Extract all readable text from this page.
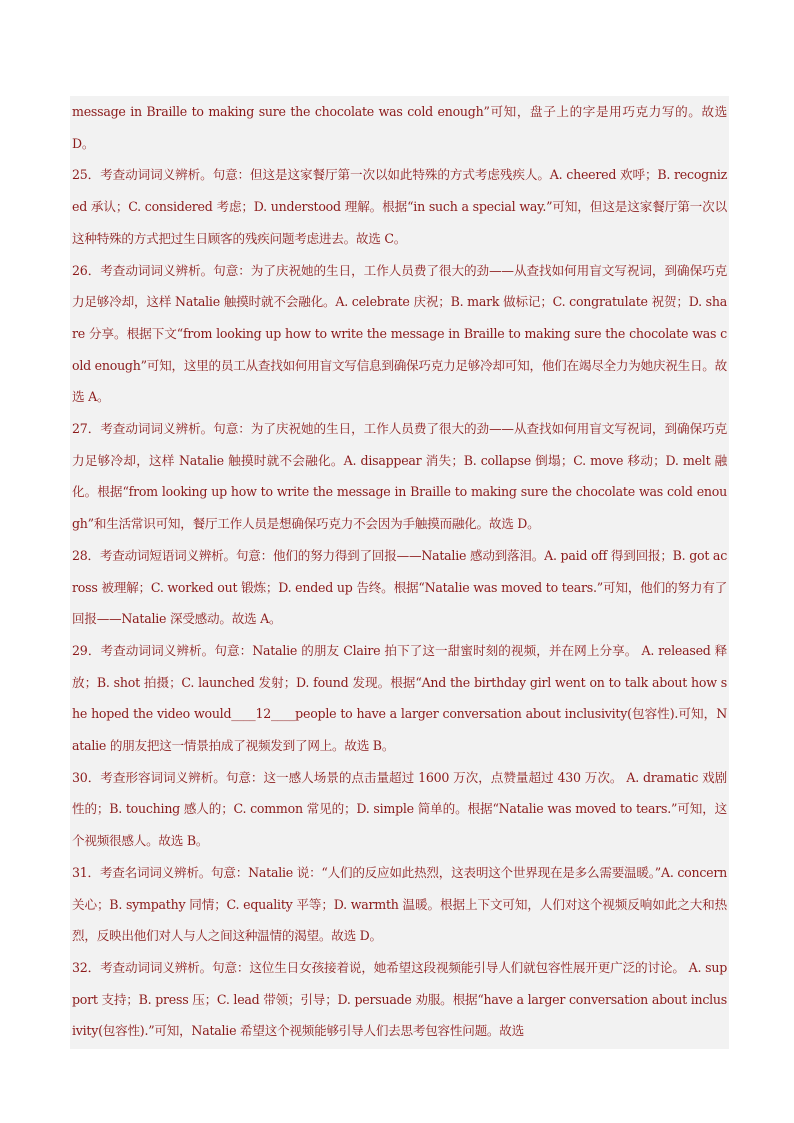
message in Braille to making sure the chocolate was cold enough”可知，盘子上的字是用巧克力写的。故选 D。
25．考查动词词义辨析。句意：但这是这家餐厅第一次以如此特殊的方式考虑残疾人。A. cheered 欢呼；B. recognized 承认；C. considered 考虑；D. understood 理解。根据“in such a special way.”可知，但这是这家餐厅第一次以这种特殊的方式把过生日顾客的残疾问题考虑进去。故选 C。
26．考查动词词义辨析。句意：为了庆祝她的生日，工作人员费了很大的劲——从查找如何用盲文写祝词，到确保巧克力足够冷却，这样 Natalie 触摸时就不会融化。A. celebrate 庆祝；B. mark 做标记；C. congratulate 祝贺；D. share 分享。根据下文“from looking up how to write the message in Braille to making sure the chocolate was cold enough”可知，这里的员工从查找如何用盲文写信息到确保巧克力足够冷却可知，他们在竭尽全力为她庆祝生日。故选 A。
27．考查动词词义辨析。句意：为了庆祝她的生日，工作人员费了很大的劲——从查找如何用盲文写祝词，到确保巧克力足够冷却，这样 Natalie 触摸时就不会融化。A. disappear 消失；B. collapse 倒塌；C. move 移动；D. melt 融化。根据“from looking up how to write the message in Braille to making sure the chocolate was cold enough”和生活常识可知，餐厅工作人员是想确保巧克力不会因为手触摸而融化。故选 D。
28．考查动词短语词义辨析。句意：他们的努力得到了回报——Natalie 感动到落泪。A. paid off 得到回报；B. got across 被理解；C. worked out 锻炼；D. ended up 告终。根据“Natalie was moved to tears.”可知，他们的努力有了回报——Natalie 深受感动。故选 A。
29．考查动词词义辨析。句意：Natalie 的朋友 Claire 拍下了这一甜蜜时刻的视频，并在网上分享。 A. released 释放；B. shot 拍摄；C. launched 发射；D. found 发现。根据“And the birthday girl went on to talk about how she hoped the video would____12____people to have a larger conversation about inclusivity(包容性).可知，Natalie 的朋友把这一情景拍成了视频发到了网上。故选 B。
30．考查形容词词义辨析。句意：这一感人场景的点击量超过 1600 万次，点赞量超过 430 万次。 A. dramatic 戏剧性的；B. touching 感人的；C. common 常见的；D. simple 简单的。根据“Natalie was moved to tears.”可知，这个视频很感人。故选 B。
31．考查名词词义辨析。句意：Natalie 说：“人们的反应如此热烈，这表明这个世界现在是多么需要温暖。”A. concern 关心；B. sympathy 同情；C. equality 平等；D. warmth 温暖。根据上下文可知，人们对这个视频反响如此之大和热烈，反映出他们对人与人之间这种温情的渴望。故选 D。
32．考查动词词义辨析。句意：这位生日女孩接着说，她希望这段视频能引导人们就包容性展开更广泛的讨论。 A. support 支持；B. press 压；C. lead 带领；引导；D. persuade 劝服。根据“have a larger conversation about inclusivity(包容性).”可知，Natalie 希望这个视频能够引导人们去思考包容性问题。故选
